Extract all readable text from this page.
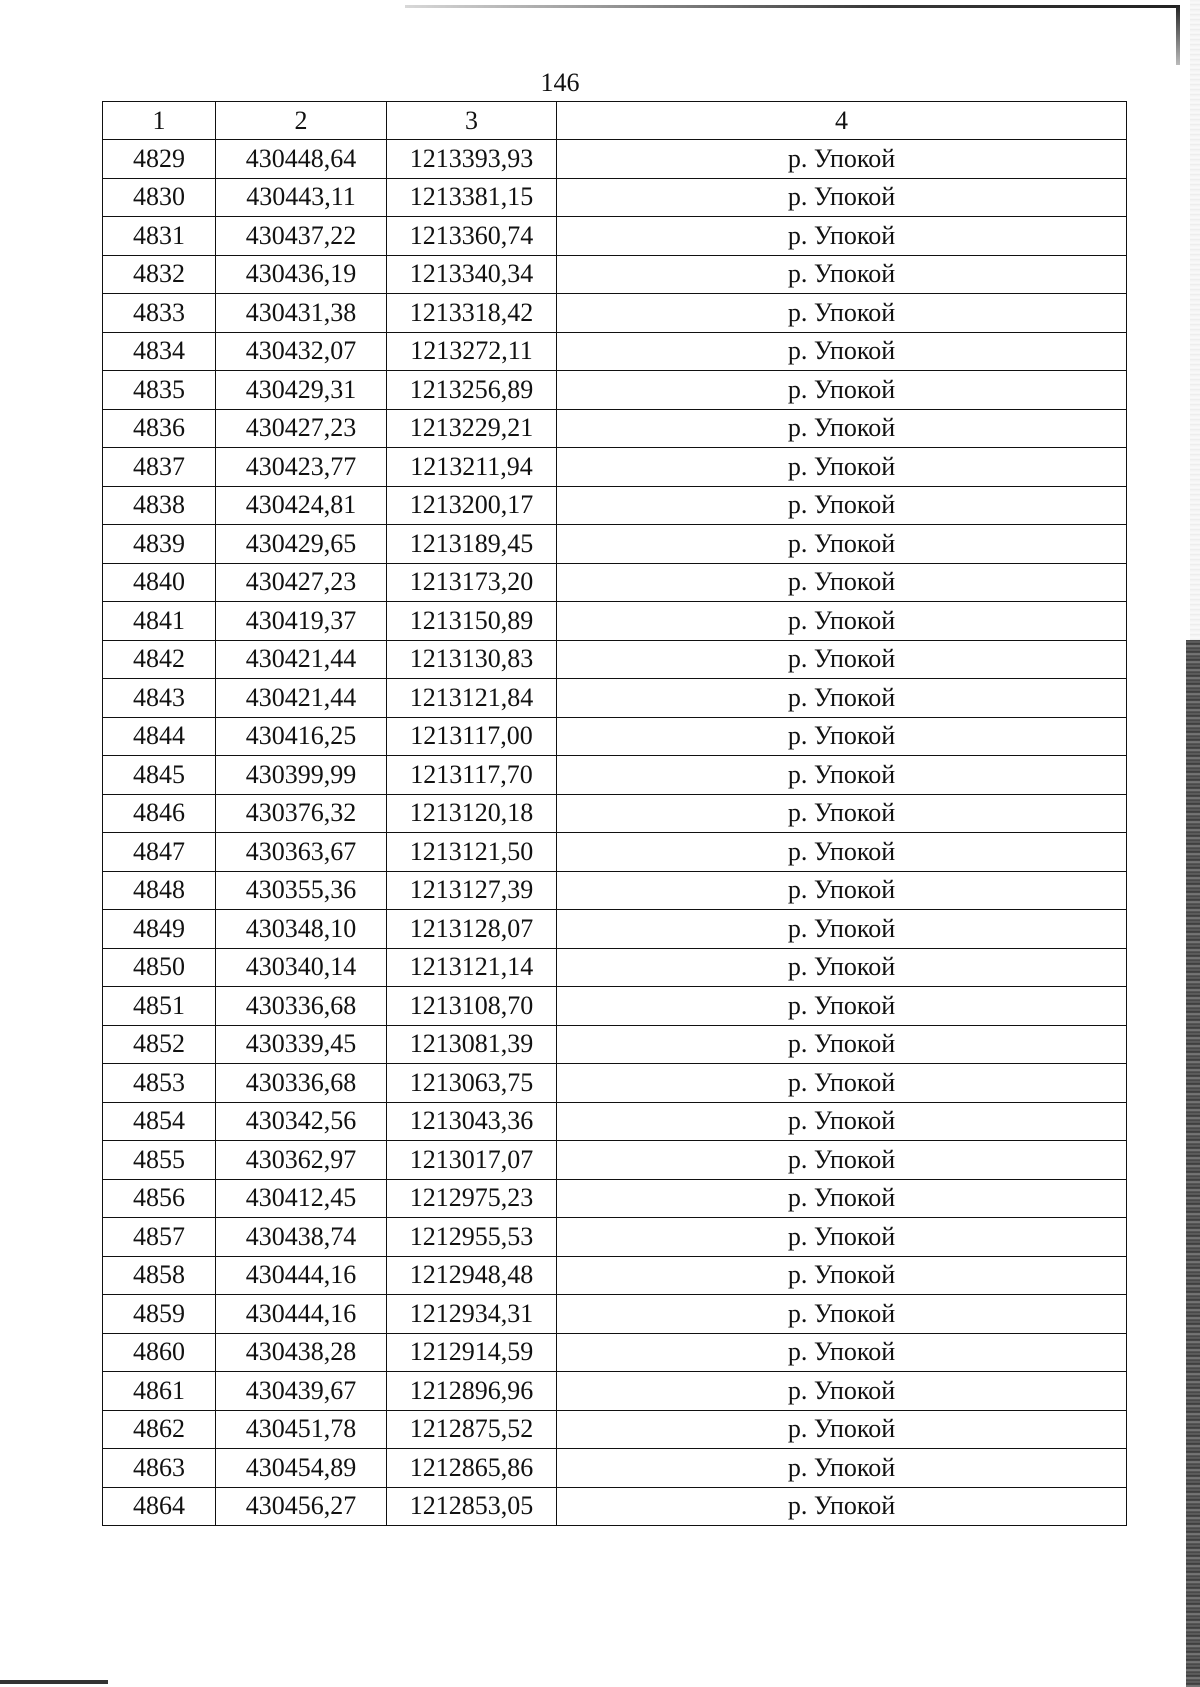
146
1	2	3	4
4829	430448,64	1213393,93	р. Упокой
4830	430443,11	1213381,15	р. Упокой
4831	430437,22	1213360,74	р. Упокой
4832	430436,19	1213340,34	р. Упокой
4833	430431,38	1213318,42	р. Упокой
4834	430432,07	1213272,11	р. Упокой
4835	430429,31	1213256,89	р. Упокой
4836	430427,23	1213229,21	р. Упокой
4837	430423,77	1213211,94	р. Упокой
4838	430424,81	1213200,17	р. Упокой
4839	430429,65	1213189,45	р. Упокой
4840	430427,23	1213173,20	р. Упокой
4841	430419,37	1213150,89	р. Упокой
4842	430421,44	1213130,83	р. Упокой
4843	430421,44	1213121,84	р. Упокой
4844	430416,25	1213117,00	р. Упокой
4845	430399,99	1213117,70	р. Упокой
4846	430376,32	1213120,18	р. Упокой
4847	430363,67	1213121,50	р. Упокой
4848	430355,36	1213127,39	р. Упокой
4849	430348,10	1213128,07	р. Упокой
4850	430340,14	1213121,14	р. Упокой
4851	430336,68	1213108,70	р. Упокой
4852	430339,45	1213081,39	р. Упокой
4853	430336,68	1213063,75	р. Упокой
4854	430342,56	1213043,36	р. Упокой
4855	430362,97	1213017,07	р. Упокой
4856	430412,45	1212975,23	р. Упокой
4857	430438,74	1212955,53	р. Упокой
4858	430444,16	1212948,48	р. Упокой
4859	430444,16	1212934,31	р. Упокой
4860	430438,28	1212914,59	р. Упокой
4861	430439,67	1212896,96	р. Упокой
4862	430451,78	1212875,52	р. Упокой
4863	430454,89	1212865,86	р. Упокой
4864	430456,27	1212853,05	р. Упокой
